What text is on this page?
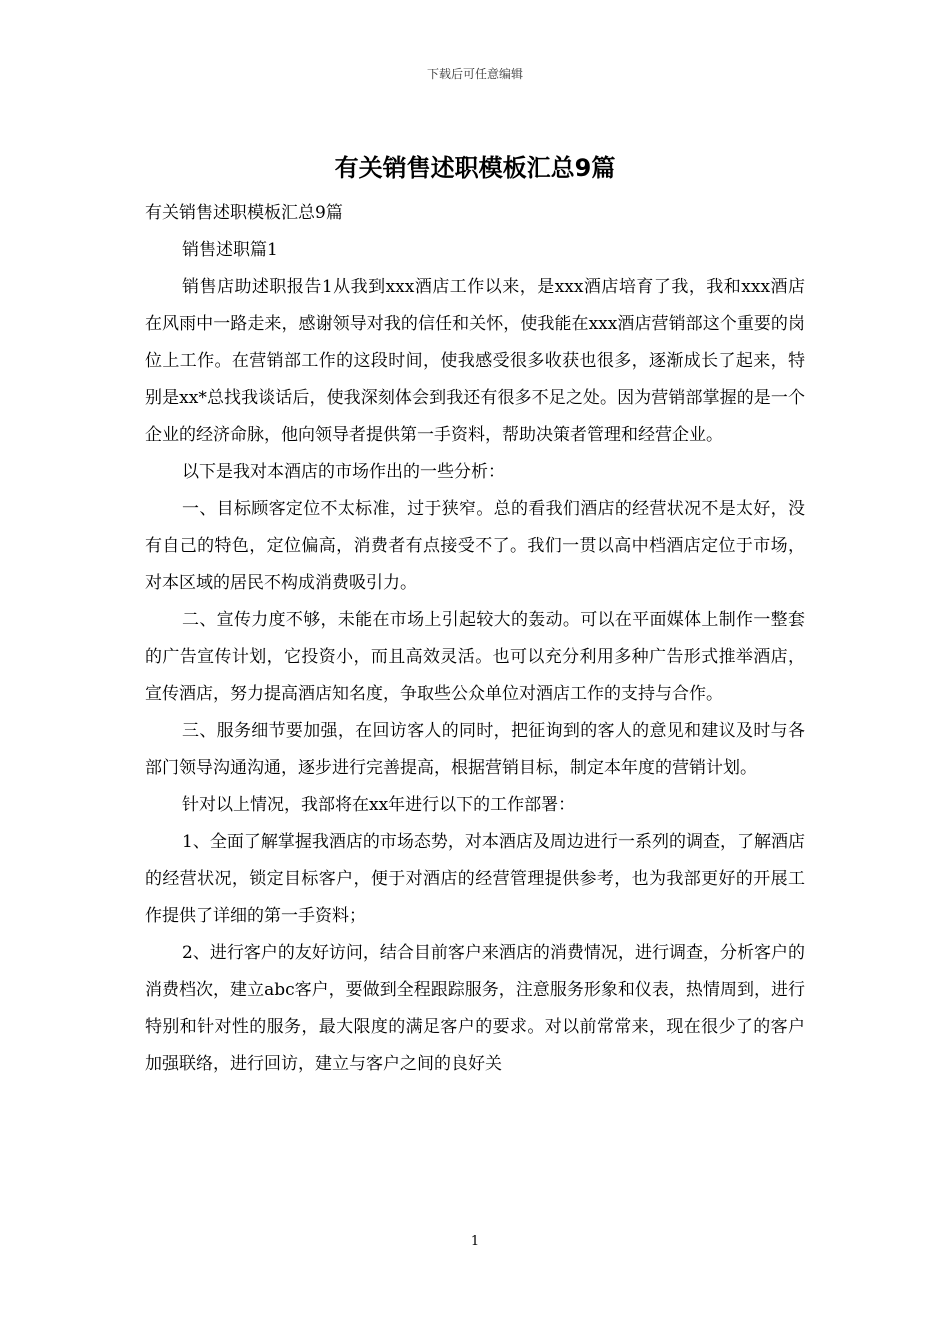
下载后可任意编辑
有关销售述职模板汇总9篇

有关销售述职模板汇总9篇

销售述职篇1

销售店助述职报告1从我到xxx酒店工作以来，是xxx酒店培育了我，我和xxx酒店在风雨中一路走来，感谢领导对我的信任和关怀，使我能在xxx酒店营销部这个重要的岗位上工作。在营销部工作的这段时间，使我感受很多收获也很多，逐渐成长了起来，特别是xx*总找我谈话后，使我深刻体会到我还有很多不足之处。因为营销部掌握的是一个企业的经济命脉，他向领导者提供第一手资料，帮助决策者管理和经营企业。

以下是我对本酒店的市场作出的一些分析：

一、目标顾客定位不太标准，过于狭窄。总的看我们酒店的经营状况不是太好，没有自己的特色，定位偏高，消费者有点接受不了。我们一贯以高中档酒店定位于市场，对本区域的居民不构成消费吸引力。

二、宣传力度不够，未能在市场上引起较大的轰动。可以在平面媒体上制作一整套的广告宣传计划，它投资小，而且高效灵活。也可以充分利用多种广告形式推举酒店，宣传酒店，努力提高酒店知名度，争取些公众单位对酒店工作的支持与合作。

三、服务细节要加强，在回访客人的同时，把征询到的客人的意见和建议及时与各部门领导沟通沟通，逐步进行完善提高，根据营销目标，制定本年度的营销计划。

针对以上情况，我部将在xx年进行以下的工作部署：

1、全面了解掌握我酒店的市场态势，对本酒店及周边进行一系列的调查，了解酒店的经营状况，锁定目标客户，便于对酒店的经营管理提供参考，也为我部更好的开展工作提供了详细的第一手资料；

2、进行客户的友好访问，结合目前客户来酒店的消费情况，进行调查，分析客户的消费档次，建立abc客户，要做到全程跟踪服务，注意服务形象和仪表，热情周到，进行特别和针对性的服务，最大限度的满足客户的要求。对以前常常来，现在很少了的客户加强联络，进行回访，建立与客户之间的良好关

1
